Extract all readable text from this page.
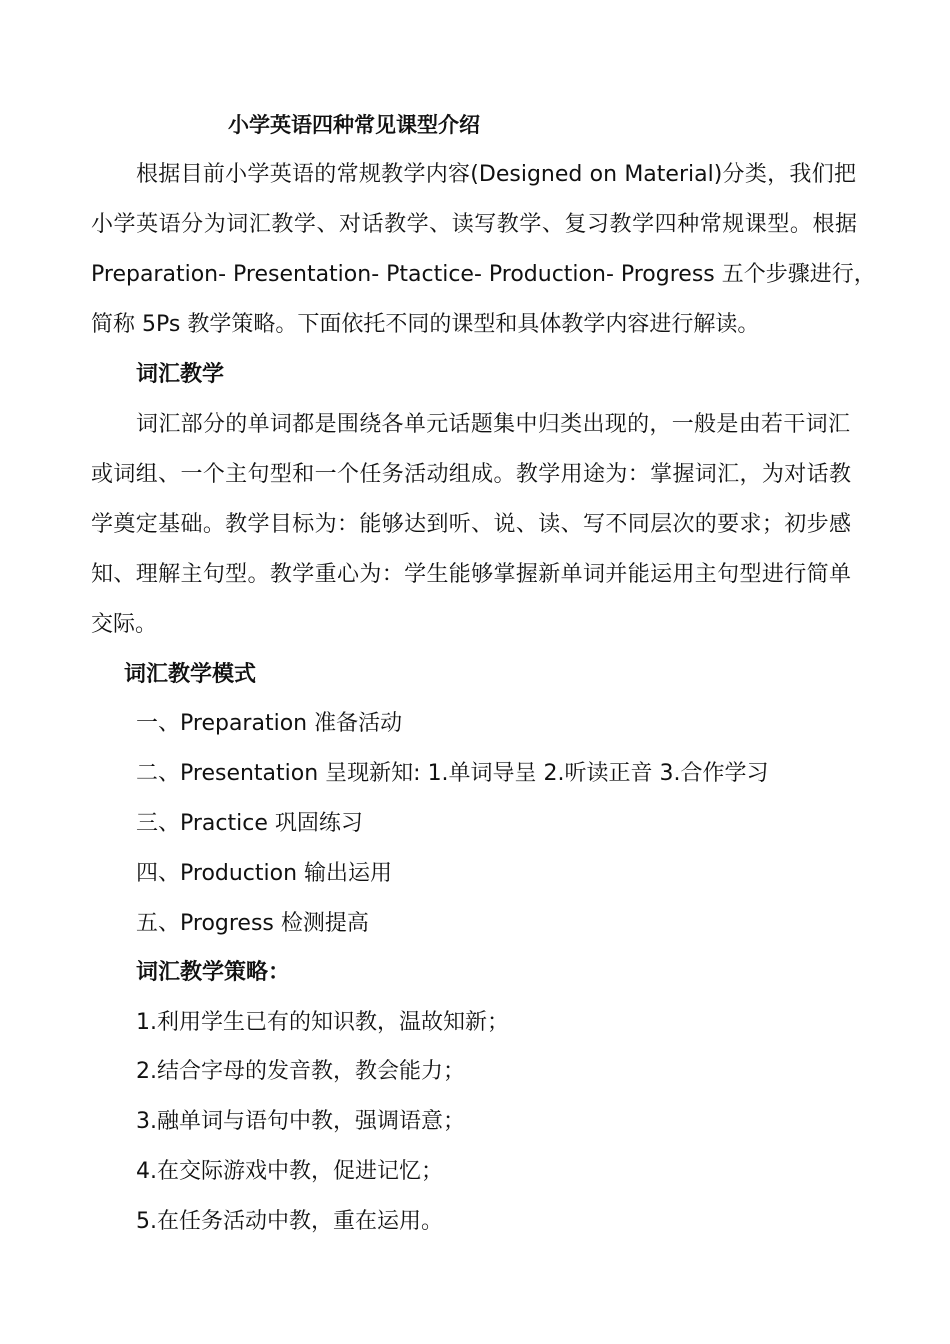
小学英语四种常见课型介绍
根据目前小学英语的常规教学内容(Designed on Material)分类，我们把
小学英语分为词汇教学、对话教学、读写教学、复习教学四种常规课型。根据
Preparation- Presentation- Ptactice- Production- Progress 五个步骤进行，
简称 5Ps 教学策略。下面依托不同的课型和具体教学内容进行解读。
词汇教学
词汇部分的单词都是围绕各单元话题集中归类出现的，一般是由若干词汇
或词组、一个主句型和一个任务活动组成。教学用途为：掌握词汇，为对话教
学奠定基础。教学目标为：能够达到听、说、读、写不同层次的要求；初步感
知、理解主句型。教学重心为：学生能够掌握新单词并能运用主句型进行简单
交际。
词汇教学模式
一、Preparation 准备活动
二、Presentation 呈现新知: 1.单词导呈 2.听读正音 3.合作学习
三、Practice 巩固练习
四、Production 输出运用
五、Progress 检测提高
词汇教学策略：
1.利用学生已有的知识教，温故知新；
2.结合字母的发音教，教会能力；
3.融单词与语句中教，强调语意；
4.在交际游戏中教，促进记忆；
5.在任务活动中教，重在运用。
